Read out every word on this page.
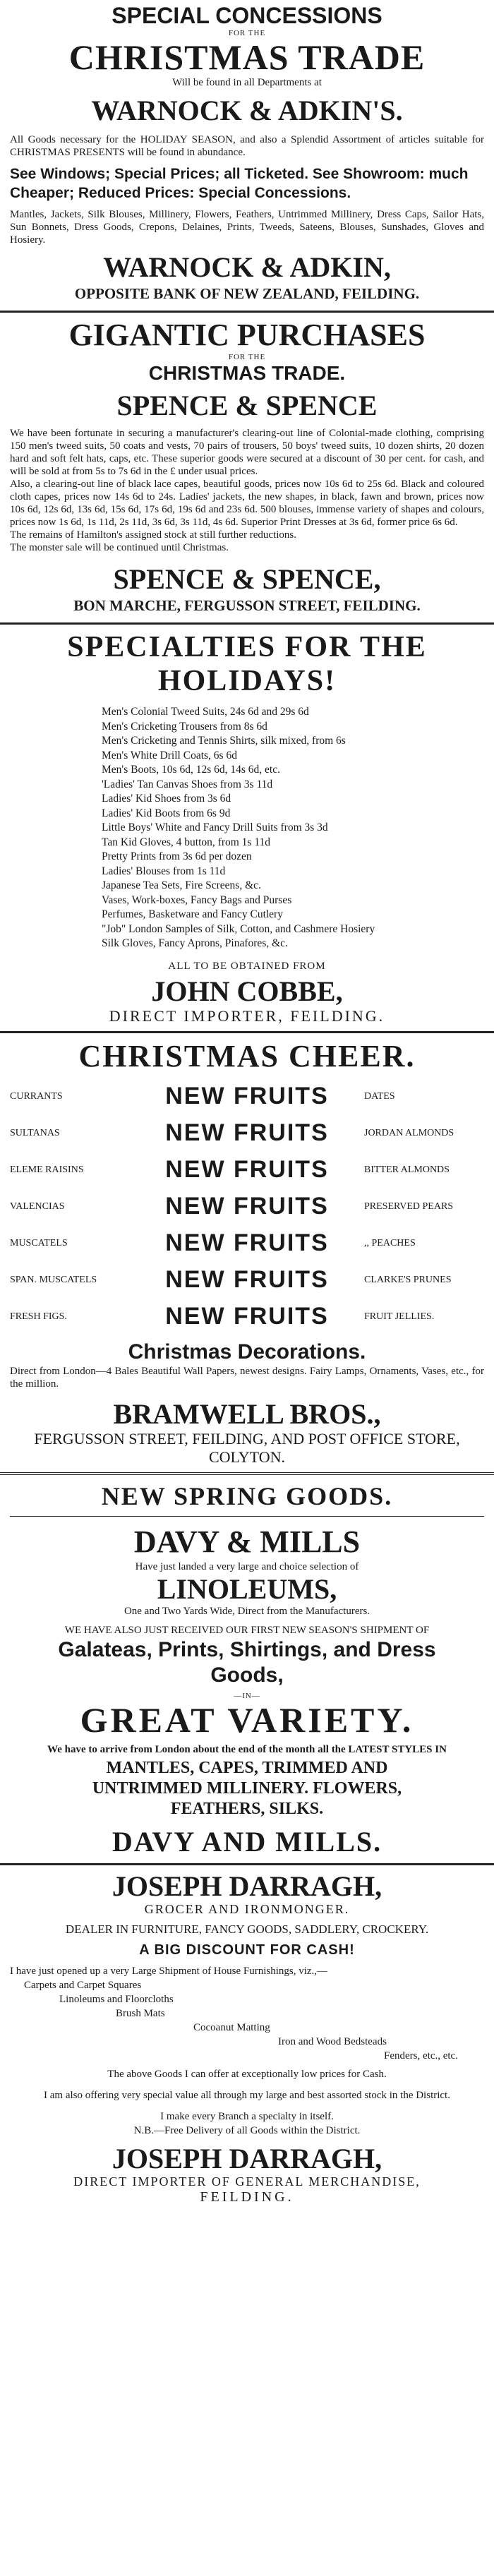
SPECIAL CONCESSIONS
FOR THE
CHRISTMAS TRADE
Will be found in all Departments at
WARNOCK & ADKIN'S.
All Goods necessary for the HOLIDAY SEASON, and also a Splendid Assortment of articles suitable for CHRISTMAS PRESENTS will be found in abundance.
See Windows; Special Prices; all Ticketed. See Showroom: much Cheaper; Reduced Prices: Special Concessions.
Mantles, Jackets, Silk Blouses, Millinery, Flowers, Feathers, Untrimmed Millinery, Dress Caps, Sailor Hats, Sun Bonnets, Dress Goods, Crepons, Delaines, Prints, Tweeds, Sateens, Blouses, Sunshades, Gloves and Hosiery.
WARNOCK & ADKIN,
OPPOSITE BANK OF NEW ZEALAND, FEILDING.
GIGANTIC PURCHASES
FOR THE
CHRISTMAS TRADE.
SPENCE & SPENCE
We have been fortunate in securing a manufacturer's clearing-out line of Colonial-made clothing, comprising 150 men's tweed suits, 50 coats and vests, 70 pairs of trousers, 50 boys' tweed suits, 10 dozen shirts, 20 dozen hard and soft felt hats, caps, etc. These superior goods were secured at a discount of 30 per cent. for cash, and will be sold at from 5s to 7s 6d in the £ under usual prices.
Also, a clearing-out line of black lace capes, beautiful goods, prices now 10s 6d to 25s 6d. Black and coloured cloth capes, prices now 14s 6d to 24s. Ladies' jackets, the new shapes, in black, fawn and brown, prices now 10s 6d, 12s 6d, 13s 6d, 15s 6d, 17s 6d, 19s 6d and 23s 6d. 500 blouses, immense variety of shapes and colours, prices now 1s 6d, 1s 11d, 2s 11d, 3s 6d, 3s 11d, 4s 6d. Superior Print Dresses at 3s 6d, former price 6s 6d.
The remains of Hamilton's assigned stock at still further reductions.
The monster sale will be continued until Christmas.
SPENCE & SPENCE,
BON MARCHE, FERGUSSON STREET, FEILDING.
SPECIALTIES FOR THE HOLIDAYS!
Men's Colonial Tweed Suits, 24s 6d and 29s 6d
Men's Cricketing Trousers from 8s 6d
Men's Cricketing and Tennis Shirts, silk mixed, from 6s
Men's White Drill Coats, 6s 6d
Men's Boots, 10s 6d, 12s 6d, 14s 6d, etc.
'Ladies' Tan Canvas Shoes from 3s 11d
Ladies' Kid Shoes from 3s 6d
Ladies' Kid Boots from 6s 9d
Little Boys' White and Fancy Drill Suits from 3s 3d
Tan Kid Gloves, 4 button, from 1s 11d
Pretty Prints from 3s 6d per dozen
Ladies' Blouses from 1s 11d
Japanese Tea Sets, Fire Screens, &c.
Vases, Work-boxes, Fancy Bags and Purses
Perfumes, Basketware and Fancy Cutlery
"Job" London Samples of Silk, Cotton, and Cashmere Hosiery
Silk Gloves, Fancy Aprons, Pinafores, &c.
ALL TO BE OBTAINED FROM
JOHN COBBE,
DIRECT IMPORTER, FEILDING.
CHRISTMAS CHEER.
CURRANTS	NEW FRUITS	DATES
SULTANAS	NEW FRUITS	JORDAN ALMONDS
ELEME RAISINS	NEW FRUITS	BITTER ALMONDS
VALENCIAS	NEW FRUITS	PRESERVED PEARS
MUSCATELS	NEW FRUITS	,, PEACHES
SPAN. MUSCATELS	NEW FRUITS	CLARKE'S PRUNES
FRESH FIGS.	NEW FRUITS	FRUIT JELLIES.
Christmas Decorations.
Direct from London—4 Bales Beautiful Wall Papers, newest designs. Fairy Lamps, Ornaments, Vases, etc., for the million.
BRAMWELL BROS.,
FERGUSSON STREET, FEILDING, AND POST OFFICE STORE, COLYTON.
NEW SPRING GOODS.
DAVY & MILLS
Have just landed a very large and choice selection of
LINOLEUMS,
One and Two Yards Wide, Direct from the Manufacturers.
WE HAVE ALSO JUST RECEIVED OUR FIRST NEW SEASON'S SHIPMENT OF
Galateas, Prints, Shirtings, and Dress Goods,
—IN—
GREAT VARIETY.
We have to arrive from London about the end of the month all the LATEST STYLES IN
MANTLES, CAPES, TRIMMED AND UNTRIMMED MILLINERY. FLOWERS, FEATHERS, SILKS.
DAVY AND MILLS.
JOSEPH DARRAGH,
GROCER AND IRONMONGER.
DEALER IN FURNITURE, FANCY GOODS, SADDLERY, CROCKERY.
A BIG DISCOUNT FOR CASH!
I have just opened up a very Large Shipment of House Furnishings, viz.,—
Carpets and Carpet Squares
Linoleums and Floorcloths
Brush Mats
Cocoanut Matting
Iron and Wood Bedsteads
Fenders, etc., etc.
The above Goods I can offer at exceptionally low prices for Cash.
I am also offering very special value all through my large and best assorted stock in the District.
I make every Branch a specialty in itself.
N.B.—Free Delivery of all Goods within the District.
JOSEPH DARRAGH,
DIRECT IMPORTER OF GENERAL MERCHANDISE,
FEILDING.
